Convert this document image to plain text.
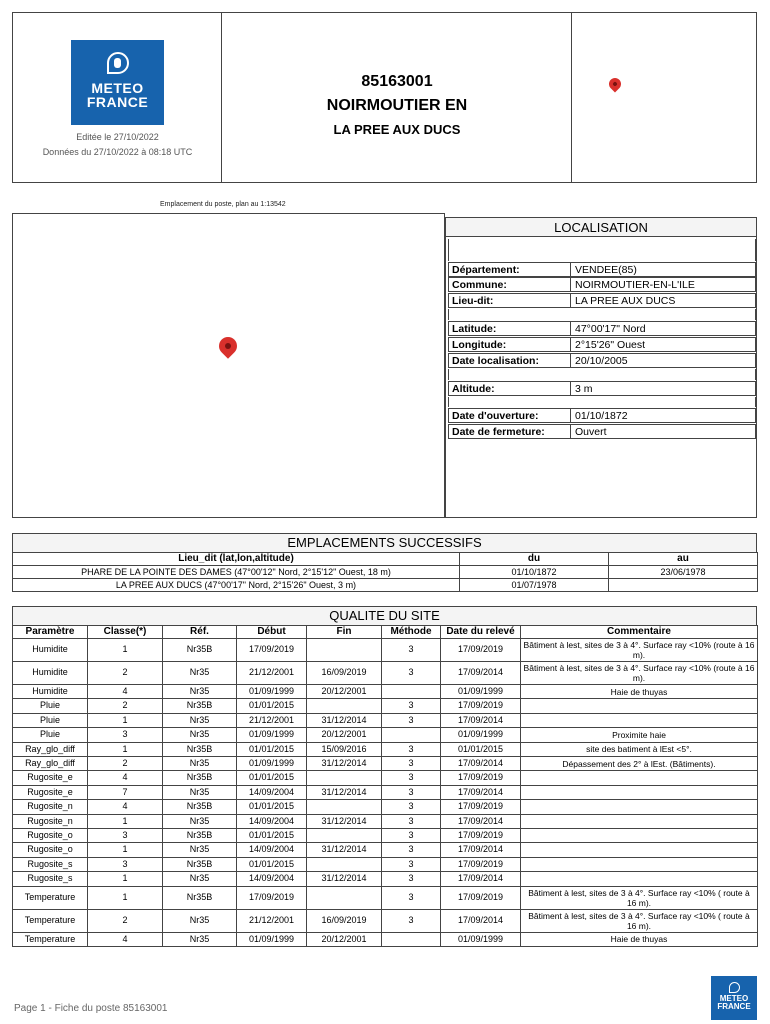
METEO
FRANCE
Editée le 27/10/2022
Données du 27/10/2022 à 08:18 UTC
85163001
NOIRMOUTIER EN
LA PREE AUX DUCS
Emplacement du poste, plan au 1:13542
LOCALISATION
Département:	VENDEE(85)
Commune:	NOIRMOUTIER-EN-L'ILE
Lieu-dit:	LA PREE AUX DUCS
Latitude:	47°00'17" Nord
Longitude:	2°15'26" Ouest
Date localisation:	20/10/2005
Altitude:	3 m
Date d'ouverture:	01/10/1872
Date de fermeture:	Ouvert
EMPLACEMENTS SUCCESSIFS
Lieu_dit (lat,lon,altitude)	du	au
PHARE DE LA POINTE DES DAMES (47°00'12" Nord, 2°15'12" Ouest, 18 m)	01/10/1872	23/06/1978
LA PREE AUX DUCS (47°00'17" Nord, 2°15'26" Ouest, 3 m)	01/07/1978	
QUALITE DU SITE
Paramètre	Classe(*)	Réf.	Début	Fin	Méthode	Date du relevé	Commentaire
Humidite	1	Nr35B	17/09/2019		3	17/09/2019	Bâtiment à lest, sites de 3 à 4°. Surface ray <10% (route à 16 m).
Humidite	2	Nr35	21/12/2001	16/09/2019	3	17/09/2014	Bâtiment à lest, sites de 3 à 4°. Surface ray <10% (route à 16 m).
Humidite	4	Nr35	01/09/1999	20/12/2001		01/09/1999	Haie de thuyas
Pluie	2	Nr35B	01/01/2015		3	17/09/2019	
Pluie	1	Nr35	21/12/2001	31/12/2014	3	17/09/2014	
Pluie	3	Nr35	01/09/1999	20/12/2001		01/09/1999	Proximite haie
Ray_glo_diff	1	Nr35B	01/01/2015	15/09/2016	3	01/01/2015	site des batiment à lEst <5°.
Ray_glo_diff	2	Nr35	01/09/1999	31/12/2014	3	17/09/2014	Dépassement des 2° à lEst. (Bâtiments).
Rugosite_e	4	Nr35B	01/01/2015		3	17/09/2019	
Rugosite_e	7	Nr35	14/09/2004	31/12/2014	3	17/09/2014	
Rugosite_n	4	Nr35B	01/01/2015		3	17/09/2019	
Rugosite_n	1	Nr35	14/09/2004	31/12/2014	3	17/09/2014	
Rugosite_o	3	Nr35B	01/01/2015		3	17/09/2019	
Rugosite_o	1	Nr35	14/09/2004	31/12/2014	3	17/09/2014	
Rugosite_s	3	Nr35B	01/01/2015		3	17/09/2019	
Rugosite_s	1	Nr35	14/09/2004	31/12/2014	3	17/09/2014	
Temperature	1	Nr35B	17/09/2019		3	17/09/2019	Bâtiment à lest, sites de 3 à 4°. Surface ray <10% ( route à 16 m).
Temperature	2	Nr35	21/12/2001	16/09/2019	3	17/09/2014	Bâtiment à lest, sites de 3 à 4°. Surface ray <10% ( route à 16 m).
Temperature	4	Nr35	01/09/1999	20/12/2001		01/09/1999	Haie de thuyas
Page 1 - Fiche du poste 85163001
METEO
FRANCE
